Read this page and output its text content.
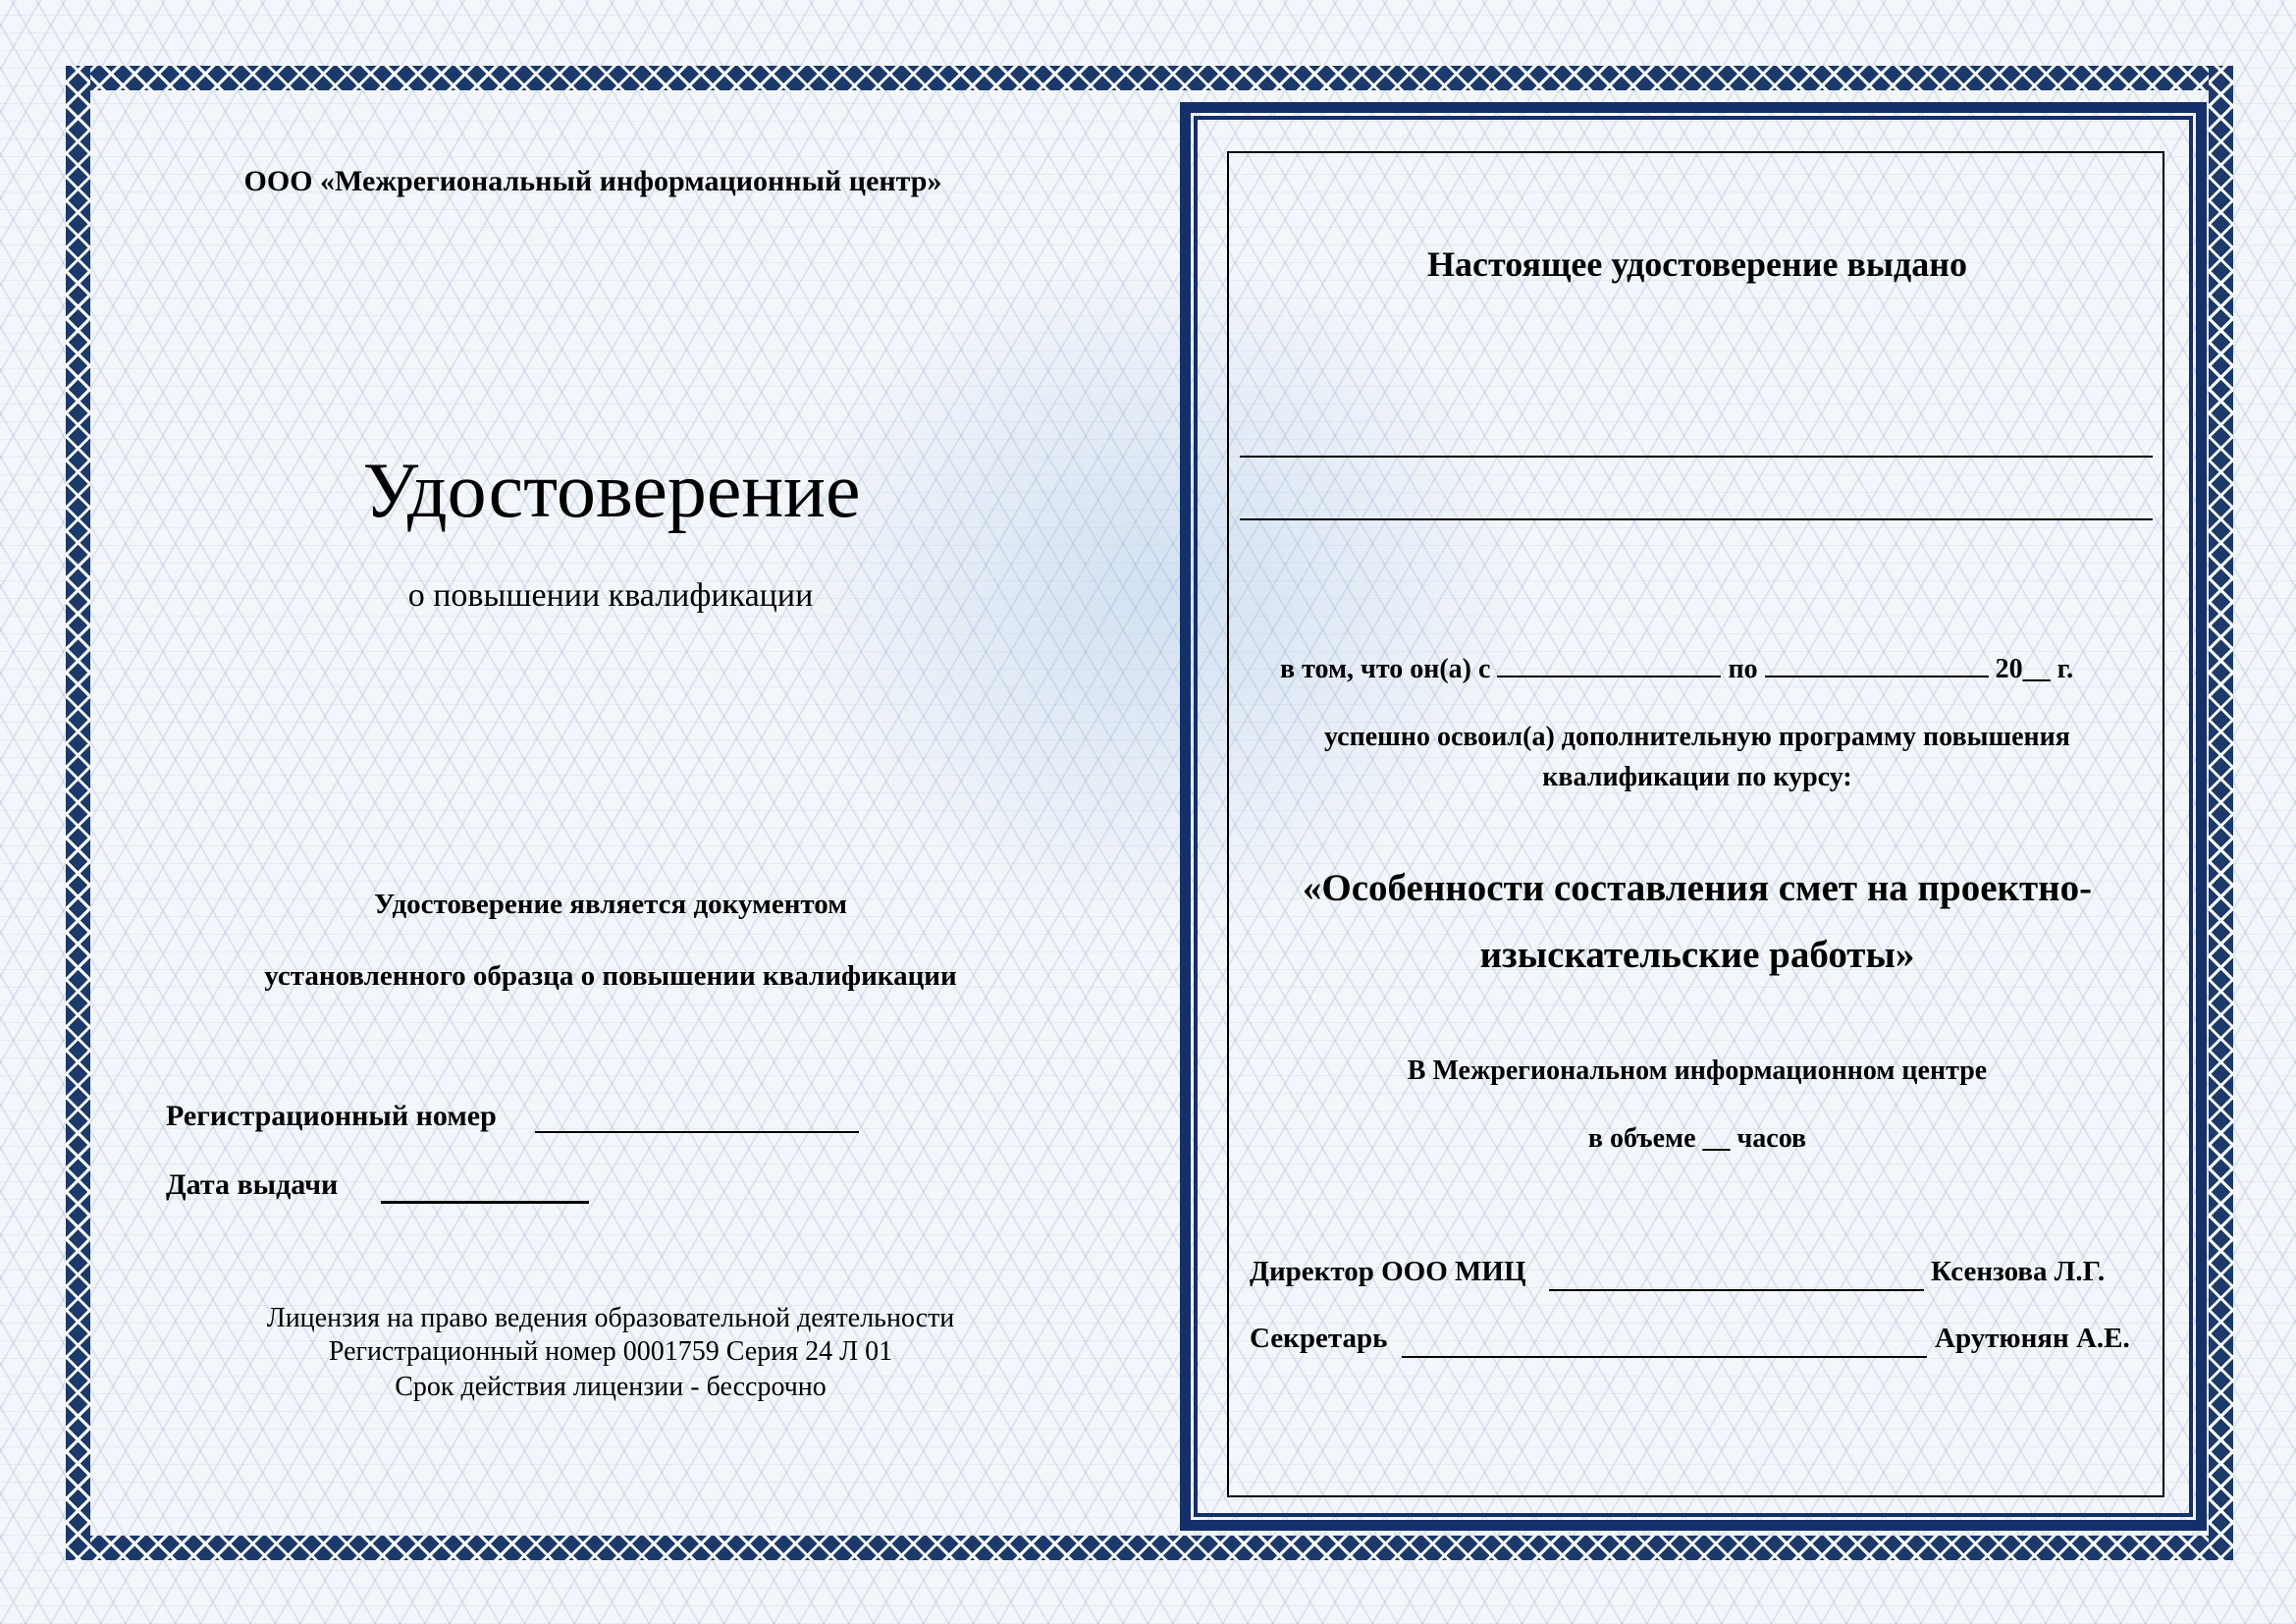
ООО «Межрегиональный информационный центр»
Удостоверение
о повышении квалификации
Удостоверение является документом
установленного образца о повышении квалификации
Регистрационный номер
Дата выдачи
Лицензия на право ведения образовательной деятельности
Регистрационный номер 0001759 Серия 24 Л 01
Срок действия лицензии - бессрочно
Настоящее удостоверение выдано
в том, что он(а) с	по	20__ г.
успешно освоил(а) дополнительную программу повышения
квалификации по курсу:
«Особенности составления смет на проектно-
изыскательские работы»
В Межрегиональном информационном центре
в объеме __ часов
Директор ООО МИЦ	Ксензова Л.Г.
Секретарь	Арутюнян А.Е.
